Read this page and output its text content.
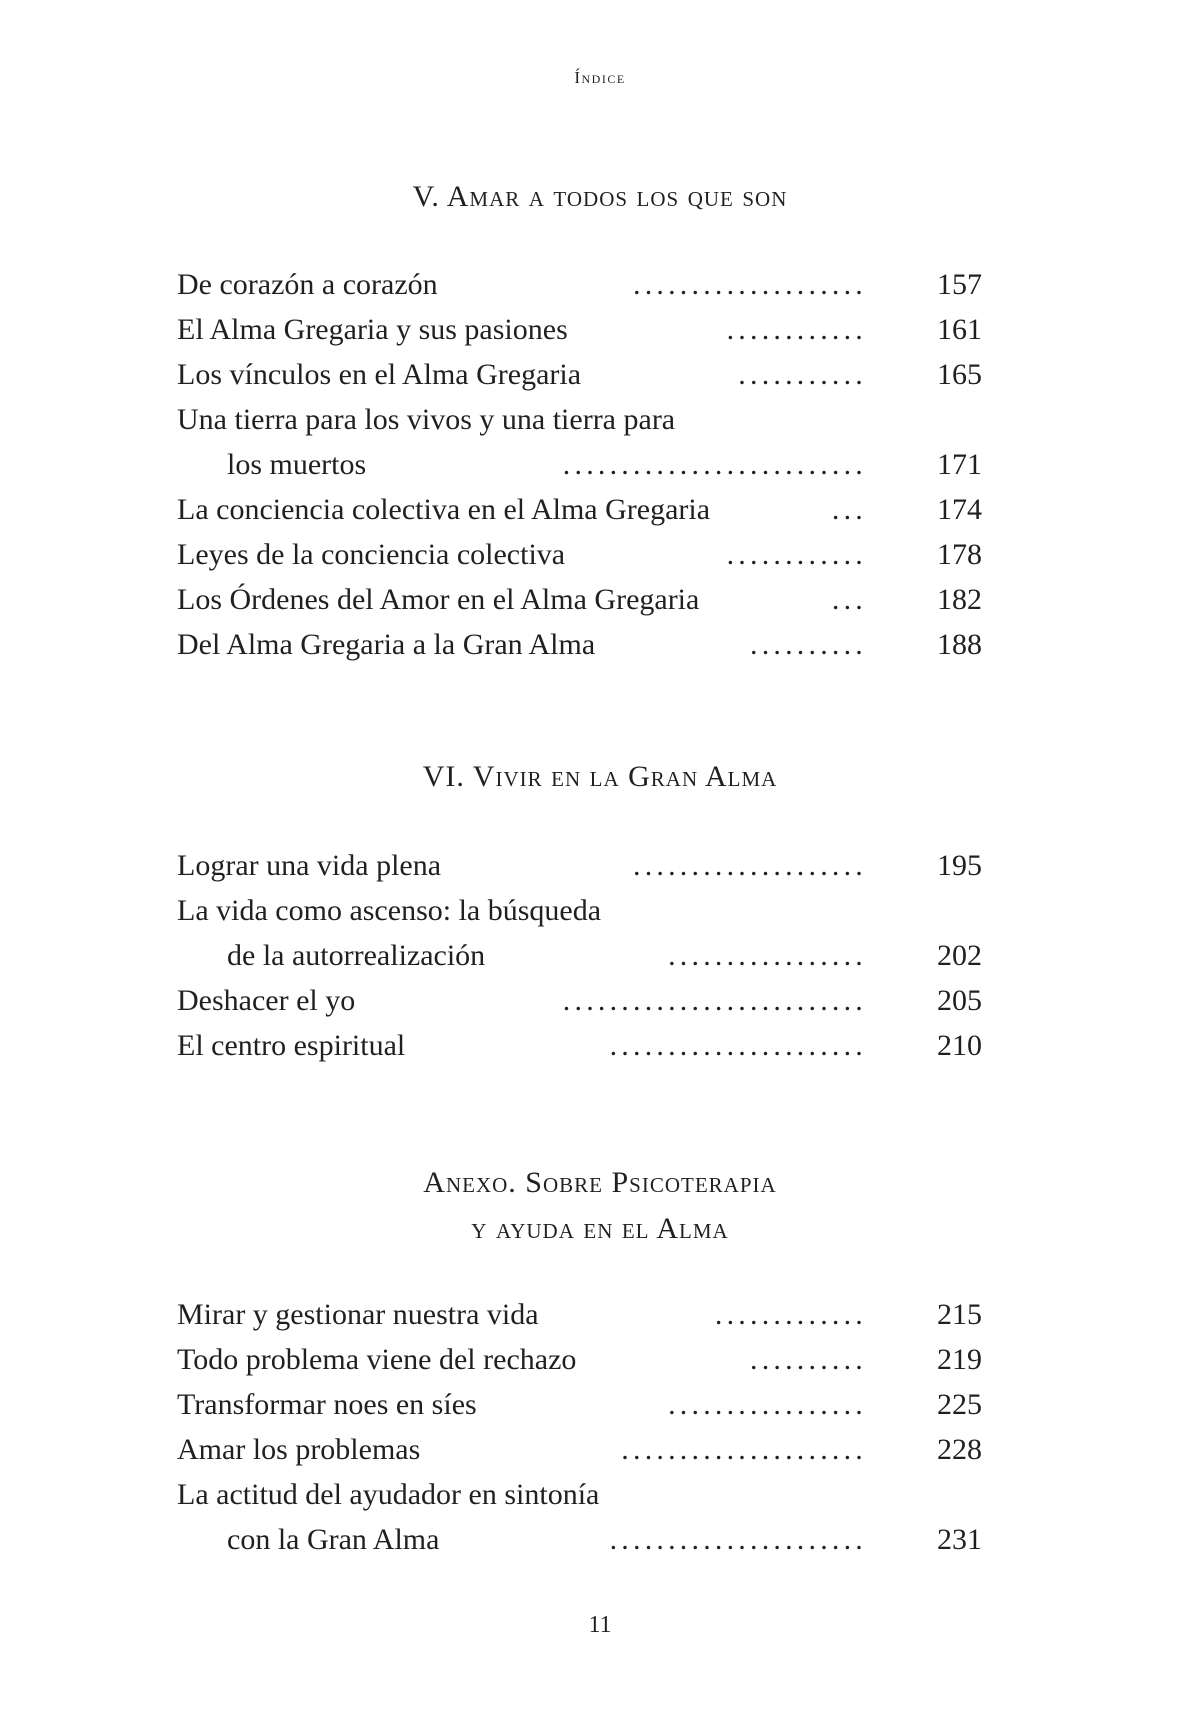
Índice
V. Amar a todos los que son
De corazón a corazón	.................... 157
El Alma Gregaria y sus pasiones	............ 161
Los vínculos en el Alma Gregaria	........... 165
Una tierra para los vivos y una tierra para
los muertos	.......................... 171
La conciencia colectiva en el Alma Gregaria	... 174
Leyes de la conciencia colectiva	............ 178
Los Órdenes del Amor en el Alma Gregaria	... 182
Del Alma Gregaria a la Gran Alma	.......... 188
VI. Vivir en la Gran Alma
Lograr una vida plena	.................... 195
La vida como ascenso: la búsqueda
de la autorrealización	................. 202
Deshacer el yo	.......................... 205
El centro espiritual	...................... 210
Anexo. Sobre Psicoterapia
y ayuda en el Alma
Mirar y gestionar nuestra vida	............. 215
Todo problema viene del rechazo	.......... 219
Transformar noes en síes	................. 225
Amar los problemas	..................... 228
La actitud del ayudador en sintonía
con la Gran Alma	...................... 231
11
